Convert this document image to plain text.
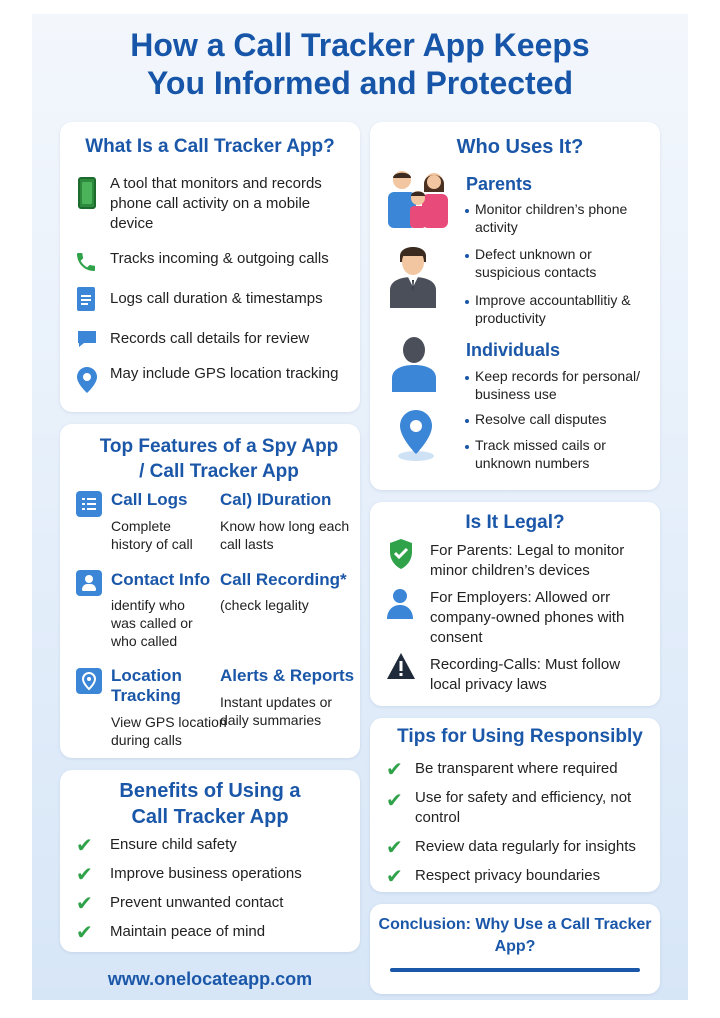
How a Call Tracker App Keeps
You Informed and Protected
What Is a Call Tracker App?
A tool that monitors and records phone call activity on a mobile device
Tracks incoming & outgoing calls
Logs call duration & timestamps
Records call details for review
May include GPS location tracking
Who Uses It?
Parents
Monitor children’s phone activity
Defect unknown or suspicious contacts
Improve accountabllitiy & productivity
Individuals
Keep records for personal/ business use
Resolve call disputes
Track missed cails or unknown numbers
Top Features of a Spy App
/ Call Tracker App
Call Logs
Complete history of call
Cal) IDuration
Know how long each call lasts
Contact Info
identify who was called or who called
Call Recording*
(check legality
Location
Tracking
View GPS location during calls
Alerts & Reports
Instant updates or daily summaries
Is It Legal?
For Parents: Legal to monitor minor children’s devices
For Employers: Allowed orr company-owned phones with consent
Recording-Calls: Must follow local privacy laws
Benefits of Using a
Call Tracker App
✔ Ensure child safety
✔ Improve business operations
✔ Prevent unwanted contact
✔ Maintain peace of mind
Tips for Using Responsibly
✔ Be transparent where required
✔ Use for safety and efficiency, not control
✔ Review data regularly for insights
✔ Respect privacy boundaries
Conclusion: Why Use a Call Tracker
App?
www.onelocateapp.com
